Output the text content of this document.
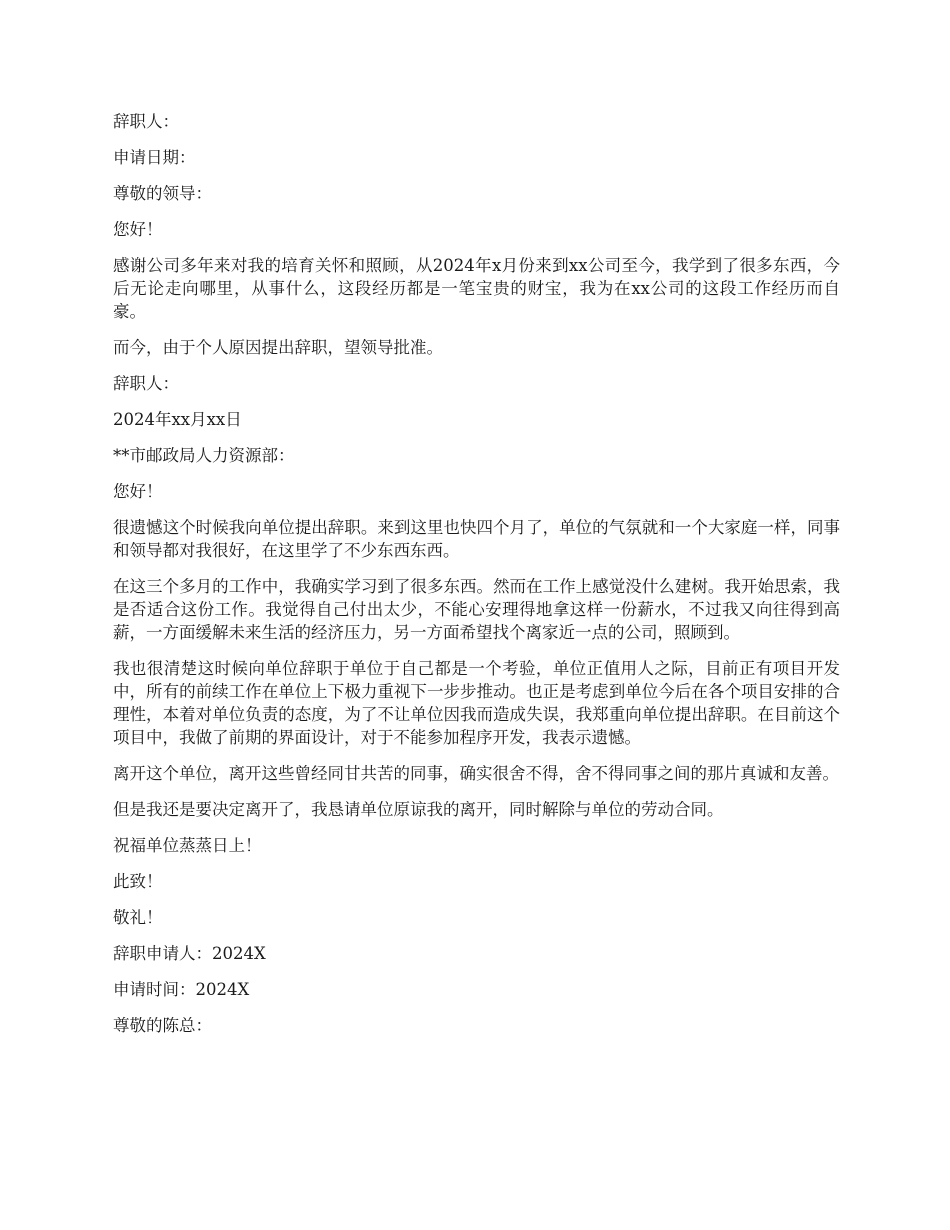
辞职人：

申请日期：

尊敬的领导：

您好！

感谢公司多年来对我的培育关怀和照顾，从2024年x月份来到xx公司至今，我学到了很多东西，今后无论走向哪里，从事什么，这段经历都是一笔宝贵的财宝，我为在xx公司的这段工作经历而自豪。

而今，由于个人原因提出辞职，望领导批准。

辞职人：

2024年xx月xx日

**市邮政局人力资源部：

您好！

很遗憾这个时候我向单位提出辞职。来到这里也快四个月了，单位的气氛就和一个大家庭一样，同事和领导都对我很好，在这里学了不少东西东西。

在这三个多月的工作中，我确实学习到了很多东西。然而在工作上感觉没什么建树。我开始思索，我是否适合这份工作。我觉得自己付出太少，不能心安理得地拿这样一份薪水，不过我又向往得到高薪，一方面缓解未来生活的经济压力，另一方面希望找个离家近一点的公司，照顾到。

我也很清楚这时候向单位辞职于单位于自己都是一个考验，单位正值用人之际，目前正有项目开发中，所有的前续工作在单位上下极力重视下一步步推动。也正是考虑到单位今后在各个项目安排的合理性，本着对单位负责的态度，为了不让单位因我而造成失误，我郑重向单位提出辞职。在目前这个项目中，我做了前期的界面设计，对于不能参加程序开发，我表示遗憾。

离开这个单位，离开这些曾经同甘共苦的同事，确实很舍不得，舍不得同事之间的那片真诚和友善。

但是我还是要决定离开了，我恳请单位原谅我的离开，同时解除与单位的劳动合同。

祝福单位蒸蒸日上！

此致！

敬礼！

辞职申请人：2024X

申请时间：2024X

尊敬的陈总：
